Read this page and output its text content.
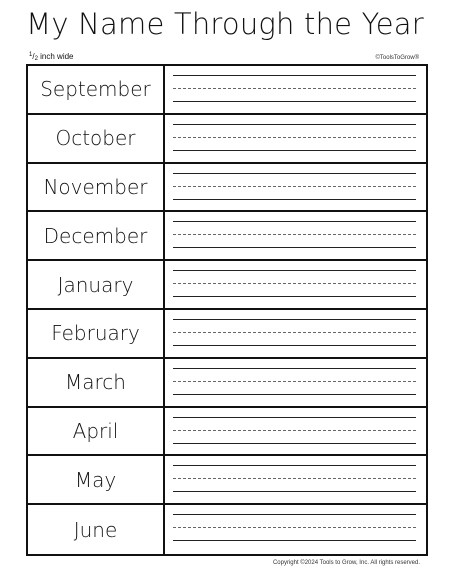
My Name Through the Year
$^1/_2$ inch wide	©ToolsToGrow®
September
October
November
December
January
February
March
April
May
June
Copyright ©2024 Tools to Grow, Inc. All rights reserved.
